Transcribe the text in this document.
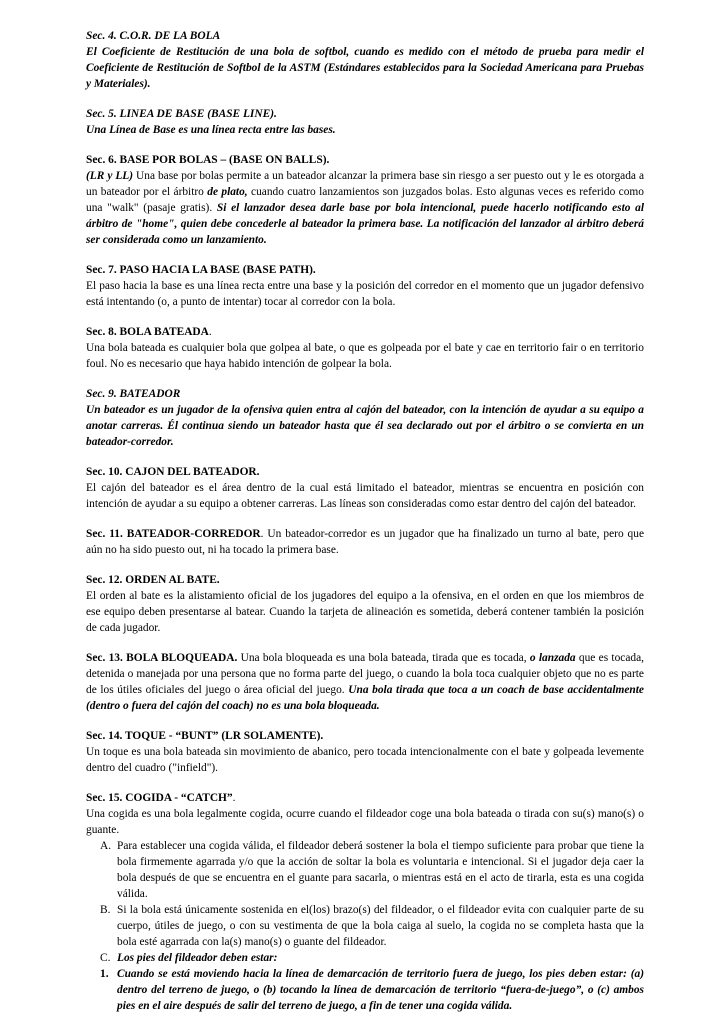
Sec. 4. C.O.R. DE LA BOLA

El Coeficiente de Restitución de una bola de softbol, cuando es medido con el método de prueba para medir el Coeficiente de Restitución de Softbol de la ASTM (Estándares establecidos para la Sociedad Americana para Pruebas y Materiales).

Sec. 5. LINEA DE BASE (BASE LINE).

Una Línea de Base es una línea recta entre las bases.

Sec. 6. BASE POR BOLAS – (BASE ON BALLS).

(LR y LL) Una base por bolas permite a un bateador alcanzar la primera base sin riesgo a ser puesto out y le es otorgada a un bateador por el árbitro de plato, cuando cuatro lanzamientos son juzgados bolas. Esto algunas veces es referido como una "walk" (pasaje gratis). Si el lanzador desea darle base por bola intencional, puede hacerlo notificando esto al árbitro de "home", quien debe concederle al bateador la primera base. La notificación del lanzador al árbitro deberá ser considerada como un lanzamiento.

Sec. 7. PASO HACIA LA BASE (BASE PATH).

El paso hacia la base es una línea recta entre una base y la posición del corredor en el momento que un jugador defensivo está intentando (o, a punto de intentar) tocar al corredor con la bola.

Sec. 8. BOLA BATEADA.

Una bola bateada es cualquier bola que golpea al bate, o que es golpeada por el bate y cae en territorio fair o en territorio foul. No es necesario que haya habido intención de golpear la bola.

Sec. 9. BATEADOR

Un bateador es un jugador de la ofensiva quien entra al cajón del bateador, con la intención de ayudar a su equipo a anotar carreras. Él continua siendo un bateador hasta que él sea declarado out por el árbitro o se convierta en un bateador-corredor.

Sec. 10. CAJON DEL BATEADOR.

El cajón del bateador es el área dentro de la cual está limitado el bateador, mientras se encuentra en posición con intención de ayudar a su equipo a obtener carreras. Las líneas son consideradas como estar dentro del cajón del bateador.

Sec. 11. BATEADOR-CORREDOR. Un bateador-corredor es un jugador que ha finalizado un turno al bate, pero que aún no ha sido puesto out, ni ha tocado la primera base.

Sec. 12. ORDEN AL BATE.

El orden al bate es la alistamiento oficial de los jugadores del equipo a la ofensiva, en el orden en que los miembros de ese equipo deben presentarse al batear. Cuando la tarjeta de alineación es sometida, deberá contener también la posición de cada jugador.

Sec. 13. BOLA BLOQUEADA. Una bola bloqueada es una bola bateada, tirada que es tocada, o lanzada que es tocada, detenida o manejada por una persona que no forma parte del juego, o cuando la bola toca cualquier objeto que no es parte de los útiles oficiales del juego o área oficial del juego. Una bola tirada que toca a un coach de base accidentalmente (dentro o fuera del cajón del coach) no es una bola bloqueada.

Sec. 14. TOQUE - “BUNT” (LR SOLAMENTE).

Un toque es una bola bateada sin movimiento de abanico, pero tocada intencionalmente con el bate y golpeada levemente dentro del cuadro ("infield").

Sec. 15. COGIDA - “CATCH”.

Una cogida es una bola legalmente cogida, ocurre cuando el fildeador coge una bola bateada o tirada con su(s) mano(s) o guante.

A. Para establecer una cogida válida, el fildeador deberá sostener la bola el tiempo suficiente para probar que tiene la bola firmemente agarrada y/o que la acción de soltar la bola es voluntaria e intencional. Si el jugador deja caer la bola después de que se encuentra en el guante para sacarla, o mientras está en el acto de tirarla, esta es una cogida válida.
B. Si la bola está únicamente sostenida en el(los) brazo(s) del fildeador, o el fildeador evita con cualquier parte de su cuerpo, útiles de juego, o con su vestimenta de que la bola caiga al suelo, la cogida no se completa hasta que la bola esté agarrada con la(s) mano(s) o guante del fildeador.
C. Los pies del fildeador deben estar:
1. Cuando se está moviendo hacia la línea de demarcación de territorio fuera de juego, los pies deben estar: (a) dentro del terreno de juego, o (b) tocando la línea de demarcación de territorio “fuera-de-juego”, o (c) ambos pies en el aire después de salir del terreno de juego, a fin de tener una cogida válida.
